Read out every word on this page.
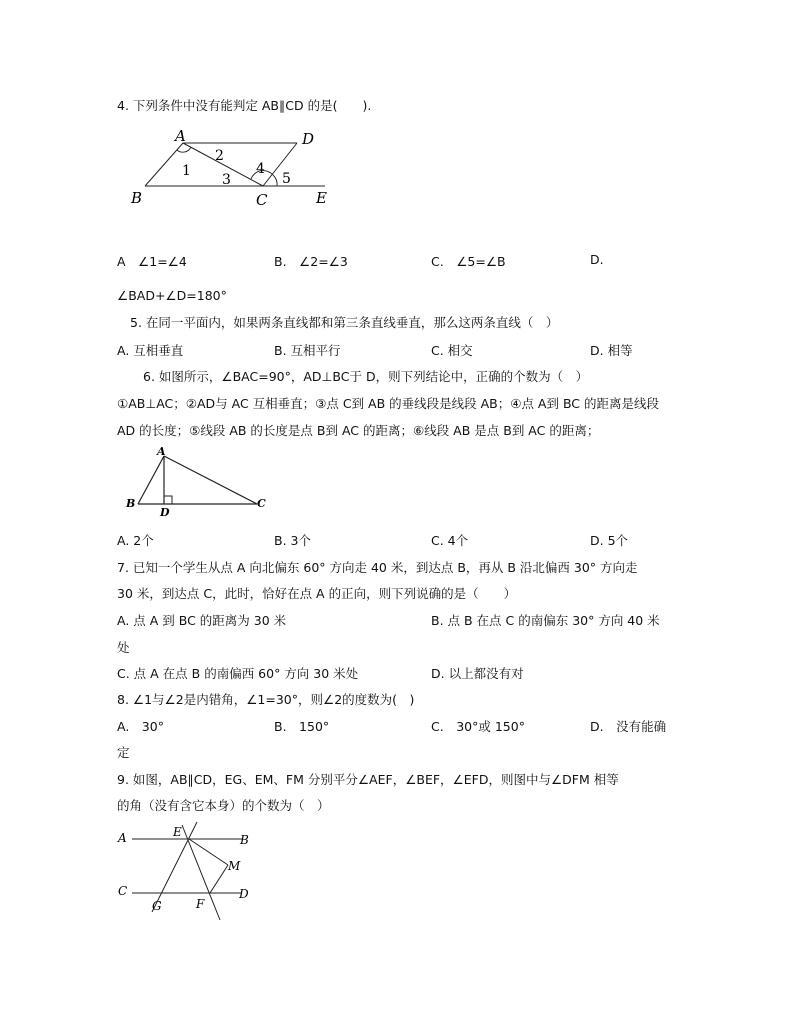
4. 下列条件中没有能判定 AB∥CD 的是(　　).
A	D
B	C	E
1
2
3
4
5
A　∠1=∠4	B.　∠2=∠3	C.　∠5=∠B	D.
∠BAD+∠D=180°
5. 在同一平面内，如果两条直线都和第三条直线垂直，那么这两条直线（　）
A. 互相垂直	B. 互相平行	C. 相交	D. 相等
6. 如图所示，∠BAC=90°，AD⊥BC于 D，则下列结论中，正确的个数为（　）
①AB⊥AC；②AD与 AC 互相垂直；③点 C到 AB 的垂线段是线段 AB；④点 A到 BC 的距离是线段
AD 的长度；⑤线段 AB 的长度是点 B到 AC 的距离；⑥线段 AB 是点 B到 AC 的距离；
A
B
D
C
A. 2个	B. 3个	C. 4个	D. 5个
7. 已知一个学生从点 A 向北偏东 60° 方向走 40 米，到达点 B，再从 B 沿北偏西 30° 方向走
30 米，到达点 C，此时，恰好在点 A 的正向，则下列说确的是（　　）
A. 点 A 到 BC 的距离为 30 米	B. 点 B 在点 C 的南偏东 30° 方向 40 米
处
C. 点 A 在点 B 的南偏西 60° 方向 30 米处	D. 以上都没有对
8. ∠1与∠2是内错角，∠1=30°，则∠2的度数为(　)
A.　30°	B.　150°	C.　30°或 150°	D.　没有能确
定
9. 如图，AB∥CD，EG、EM、FM 分别平分∠AEF，∠BEF，∠EFD，则图中与∠DFM 相等
的角（没有含它本身）的个数为（　）
A	E
B
M
C
G	F
D
